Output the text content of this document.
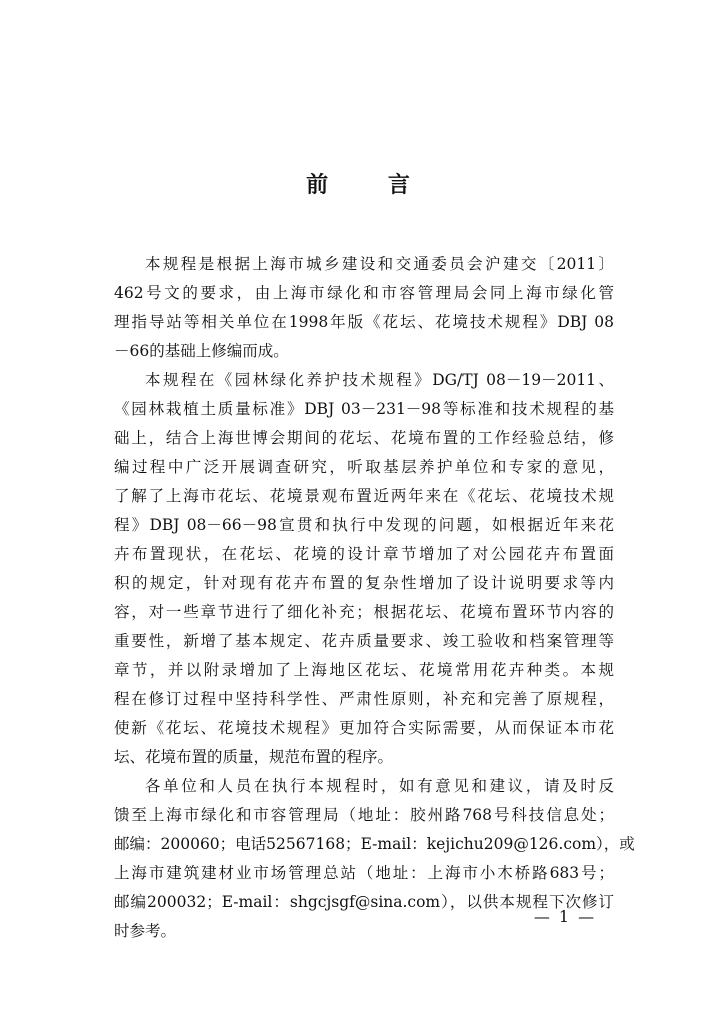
前 言
本规程是根据上海市城乡建设和交通委员会沪建交〔2011〕
462号文的要求，由上海市绿化和市容管理局会同上海市绿化管
理指导站等相关单位在1998年版《花坛、花境技术规程》DBJ 08
－66的基础上修编而成。
本规程在《园林绿化养护技术规程》DG/TJ 08－19－2011、
《园林栽植土质量标准》DBJ 03－231－98等标准和技术规程的基
础上，结合上海世博会期间的花坛、花境布置的工作经验总结，修
编过程中广泛开展调查研究，听取基层养护单位和专家的意见，
了解了上海市花坛、花境景观布置近两年来在《花坛、花境技术规
程》DBJ 08－66－98宣贯和执行中发现的问题，如根据近年来花
卉布置现状，在花坛、花境的设计章节增加了对公园花卉布置面
积的规定，针对现有花卉布置的复杂性增加了设计说明要求等内
容，对一些章节进行了细化补充；根据花坛、花境布置环节内容的
重要性，新增了基本规定、花卉质量要求、竣工验收和档案管理等
章节，并以附录增加了上海地区花坛、花境常用花卉种类。本规
程在修订过程中坚持科学性、严肃性原则，补充和完善了原规程，
使新《花坛、花境技术规程》更加符合实际需要，从而保证本市花
坛、花境布置的质量，规范布置的程序。
各单位和人员在执行本规程时，如有意见和建议，请及时反
馈至上海市绿化和市容管理局（地址：胶州路768号科技信息处；
邮编：200060；电话52567168；E-mail：kejichu209@126.com），或
上海市建筑建材业市场管理总站（地址：上海市小木桥路683号；
邮编200032；E-mail：shgcjsgf@sina.com），以供本规程下次修订
时参考。
— 1 —
